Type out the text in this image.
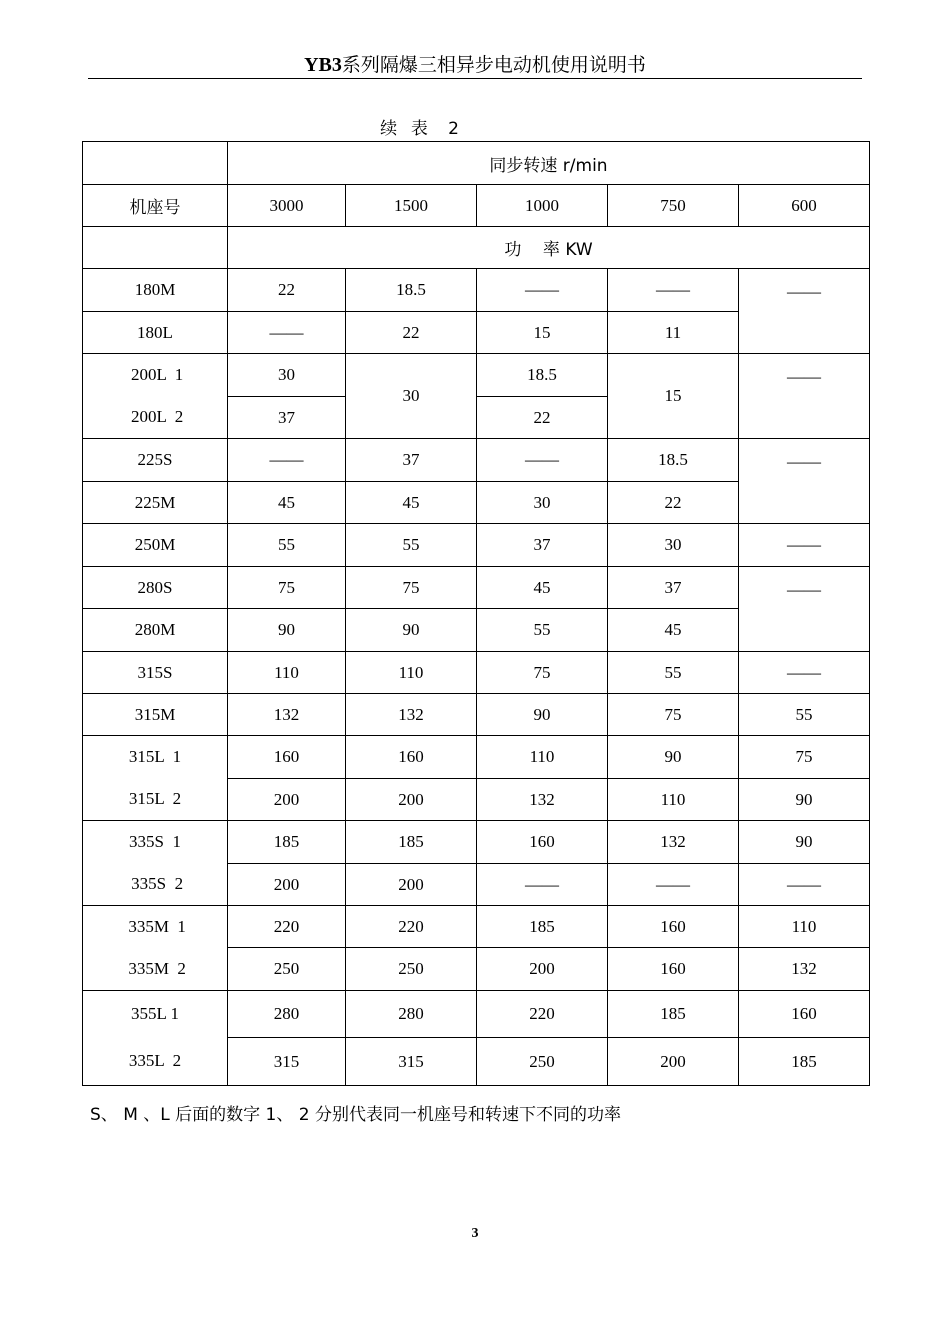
YB3系列隔爆三相异步电动机使用说明书
续  表   2
	同步转速 r/min				
机座号	3000	1500	1000	750	600
	功    率 KW				
180M	22	18.5	——	——	——
180L	——	22	15	11	
200L  1	30	30	18.5	15	——
200L  2	37		22		
225S	——	37	——	18.5	——
225M	45	45	30	22	
250M	55	55	37	30	——
280S	75	75	45	37	——
280M	90	90	55	45	
315S	110	110	75	55	——
315M	132	132	90	75	55
315L  1	160	160	110	90	75
315L  2	200	200	132	110	90
335S  1	185	185	160	132	90
335S  2	200	200	——	——	——
335M  1	220	220	185	160	110
335M  2	250	250	200	160	132
355L 1	280	280	220	185	160
335L  2	315	315	250	200	185
S、 M 、L 后面的数字 1、 2 分别代表同一机座号和转速下不同的功率
3
